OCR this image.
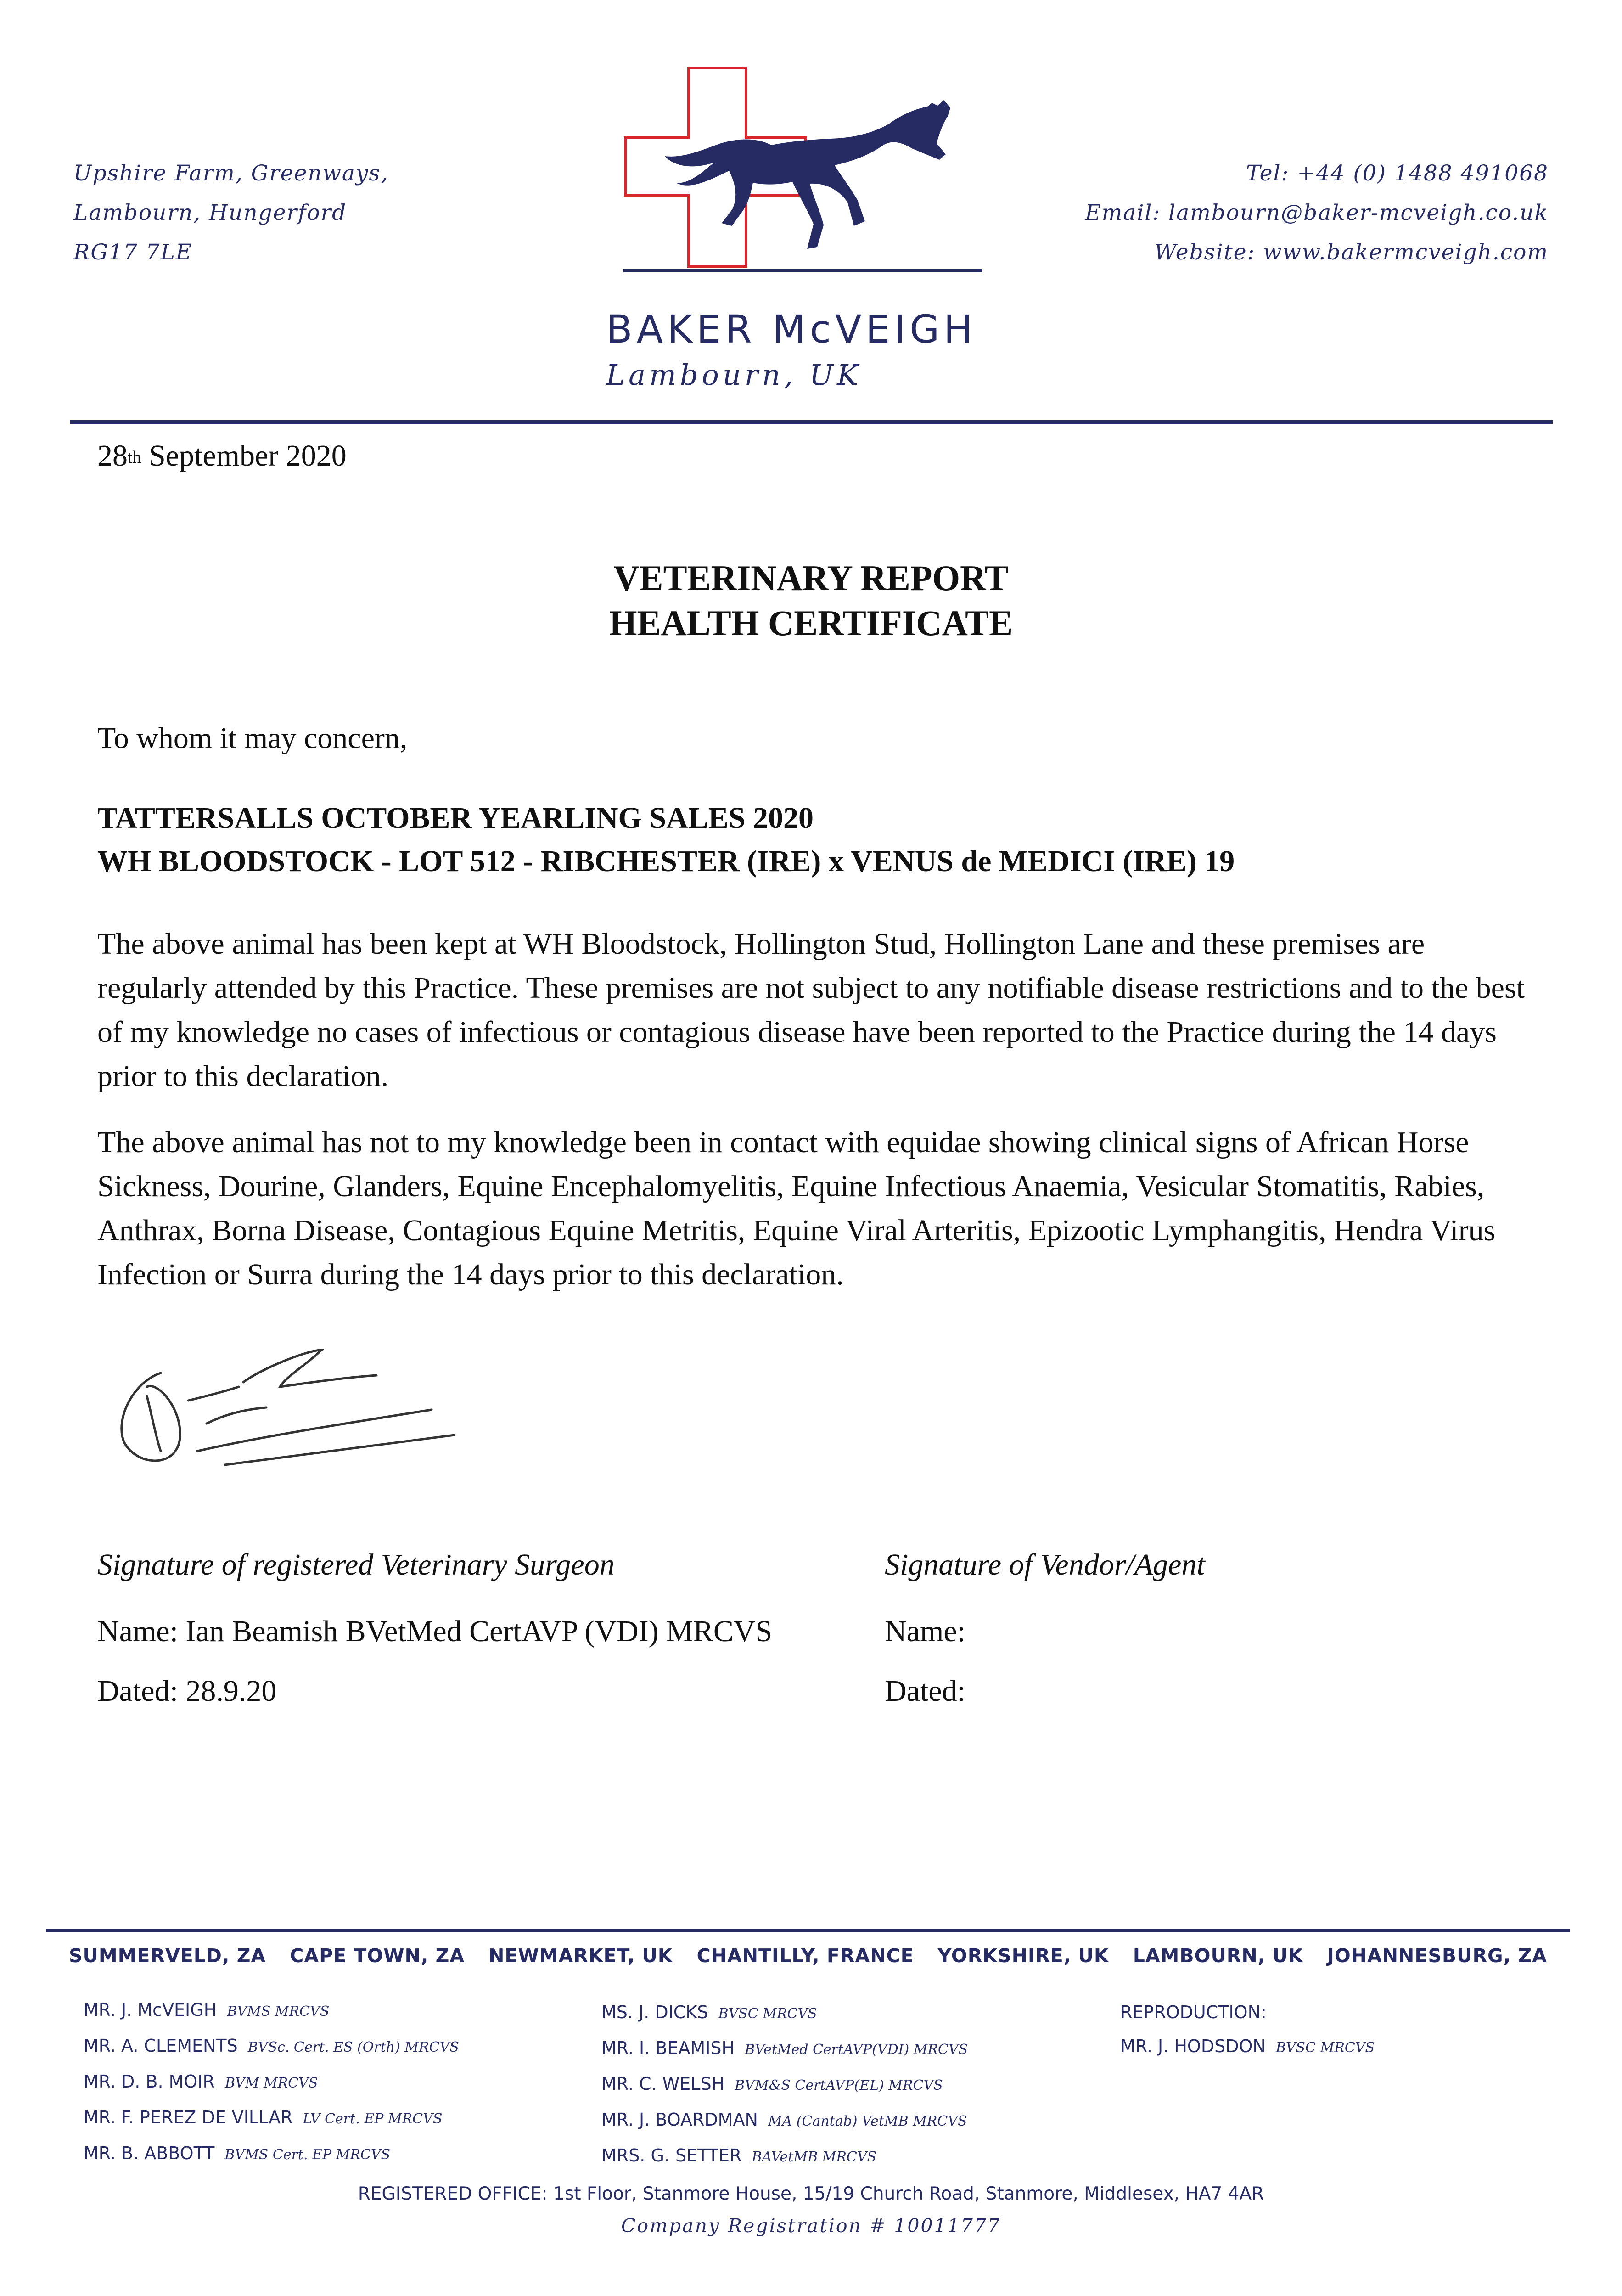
Upshire Farm, Greenways,
Lambourn, Hungerford
RG17 7LE
BAKER McVEIGH
Lambourn, UK
Tel: +44 (0) 1488 491068
Email: lambourn@baker-mcveigh.co.uk
Website: www.bakermcveigh.com
28th September 2020
VETERINARY REPORT
HEALTH CERTIFICATE
To whom it may concern,
TATTERSALLS OCTOBER YEARLING SALES 2020
WH BLOODSTOCK - LOT 512 - RIBCHESTER (IRE) x VENUS de MEDICI (IRE) 19
The above animal has been kept at WH Bloodstock, Hollington Stud, Hollington Lane and these premises are regularly attended by this Practice. These premises are not subject to any notifiable disease restrictions and to the best of my knowledge no cases of infectious or contagious disease have been reported to the Practice during the 14 days prior to this declaration.
The above animal has not to my knowledge been in contact with equidae showing clinical signs of African Horse Sickness, Dourine, Glanders, Equine Encephalomyelitis, Equine Infectious Anaemia, Vesicular Stomatitis, Rabies, Anthrax, Borna Disease, Contagious Equine Metritis, Equine Viral Arteritis, Epizootic Lymphangitis, Hendra Virus Infection or Surra during the 14 days prior to this declaration.
Signature of registered Veterinary Surgeon
Name: Ian Beamish BVetMed CertAVP (VDI) MRCVS
Dated: 28.9.20
Signature of Vendor/Agent
Name:
Dated:
SUMMERVELD, ZA CAPE TOWN, ZA NEWMARKET, UK CHANTILLY, FRANCE YORKSHIRE, UK LAMBOURN, UK JOHANNESBURG, ZA
MR. J. McVEIGH BVMS MRCVS
MR. A. CLEMENTS BVSc. Cert. ES (Orth) MRCVS
MR. D. B. MOIR BVM MRCVS
MR. F. PEREZ DE VILLAR LV Cert. EP MRCVS
MR. B. ABBOTT BVMS Cert. EP MRCVS
MS. J. DICKS BVSC MRCVS
MR. I. BEAMISH BVetMed CertAVP(VDI) MRCVS
MR. C. WELSH BVM&S CertAVP(EL) MRCVS
MR. J. BOARDMAN MA (Cantab) VetMB MRCVS
MRS. G. SETTER BAVetMB MRCVS
REPRODUCTION:
MR. J. HODSDON BVSC MRCVS
REGISTERED OFFICE: 1st Floor, Stanmore House, 15/19 Church Road, Stanmore, Middlesex, HA7 4AR
Company Registration # 10011777
